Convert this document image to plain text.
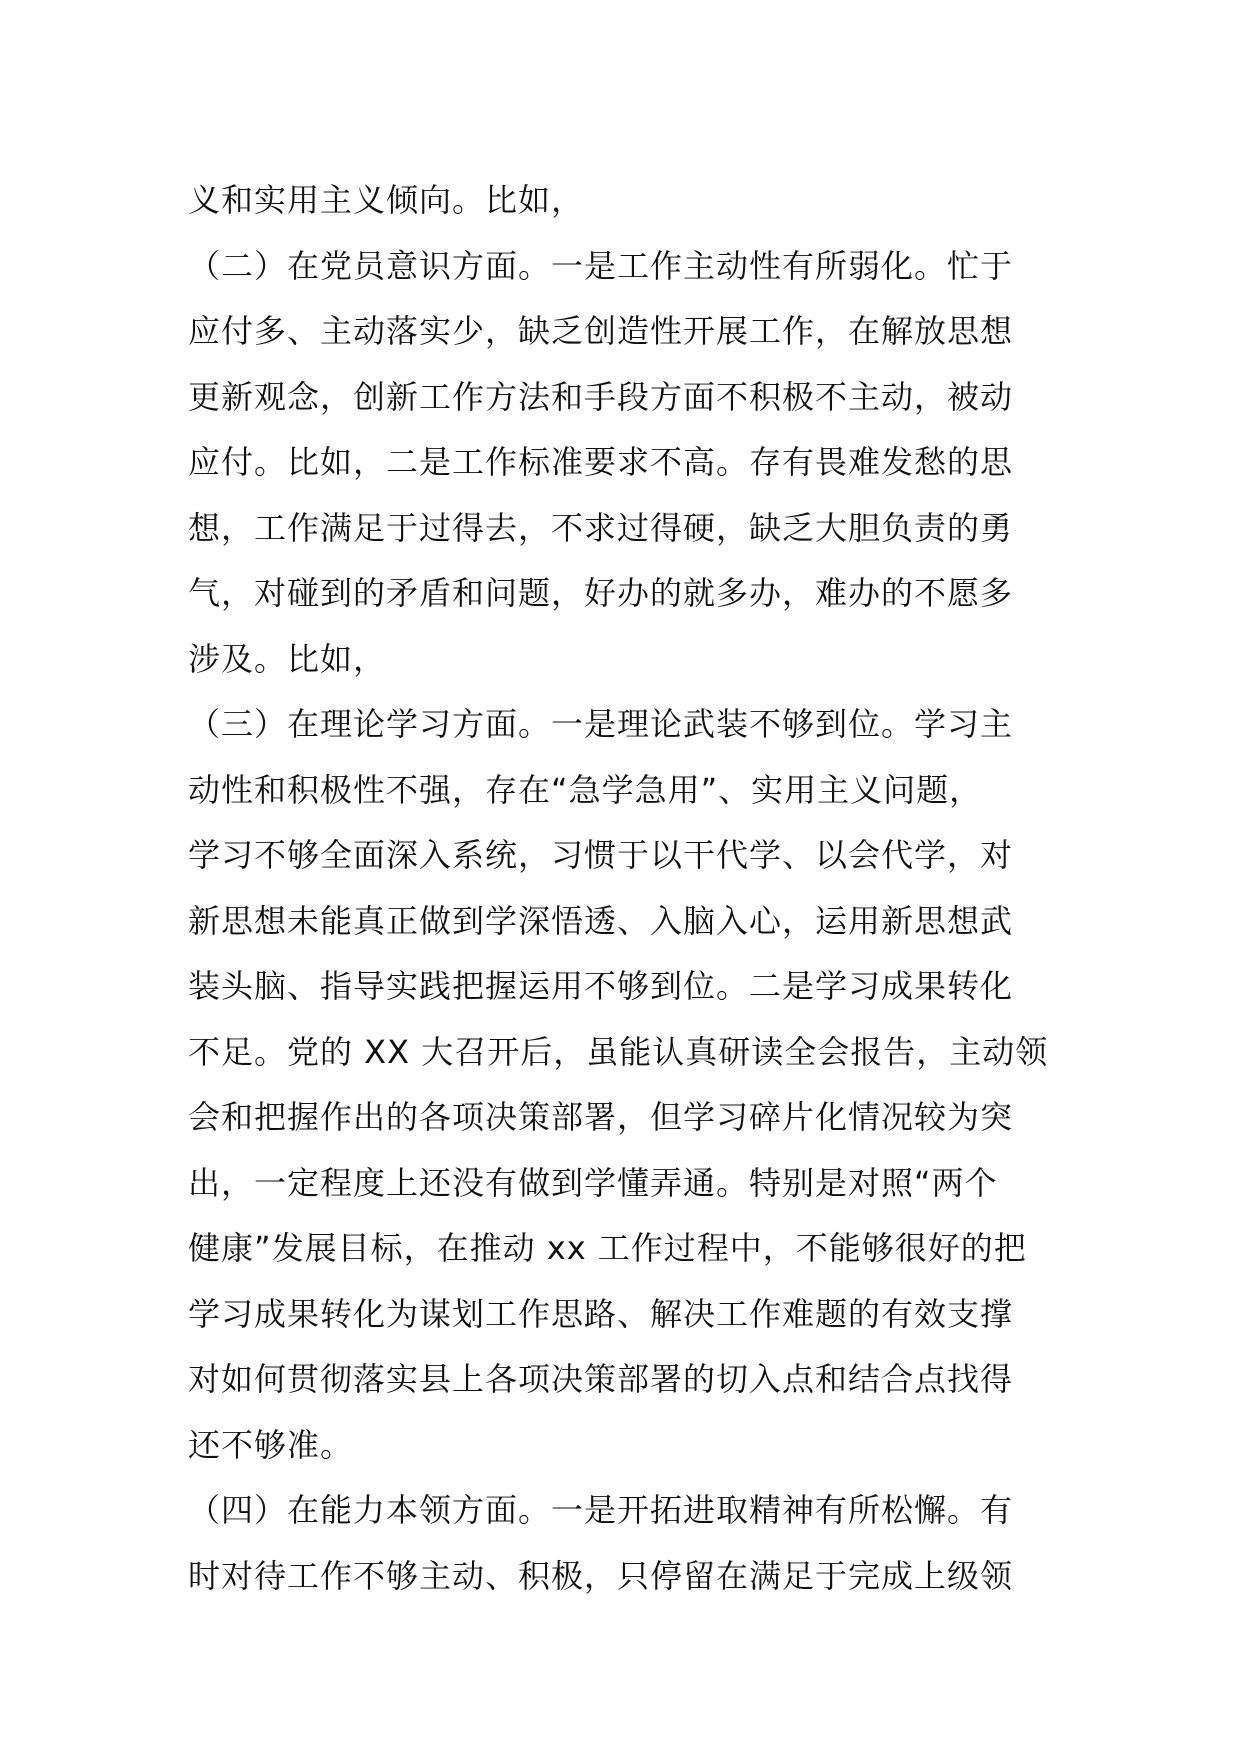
义和实用主义倾向。比如，
（二）在党员意识方面。一是工作主动性有所弱化。忙于
应付多、主动落实少，缺乏创造性开展工作，在解放思想
更新观念，创新工作方法和手段方面不积极不主动，被动
应付。比如，二是工作标准要求不高。存有畏难发愁的思
想，工作满足于过得去，不求过得硬，缺乏大胆负责的勇
气，对碰到的矛盾和问题，好办的就多办，难办的不愿多
涉及。比如，
（三）在理论学习方面。一是理论武装不够到位。学习主
动性和积极性不强，存在“急学急用”、实用主义问题，
学习不够全面深入系统，习惯于以干代学、以会代学，对
新思想未能真正做到学深悟透、入脑入心，运用新思想武
装头脑、指导实践把握运用不够到位。二是学习成果转化
不足。党的 XX 大召开后，虽能认真研读全会报告，主动领
会和把握作出的各项决策部署，但学习碎片化情况较为突
出，一定程度上还没有做到学懂弄通。特别是对照“两个
健康”发展目标，在推动 xx 工作过程中，不能够很好的把
学习成果转化为谋划工作思路、解决工作难题的有效支撑
对如何贯彻落实县上各项决策部署的切入点和结合点找得
还不够准。
（四）在能力本领方面。一是开拓进取精神有所松懈。有
时对待工作不够主动、积极，只停留在满足于完成上级领
